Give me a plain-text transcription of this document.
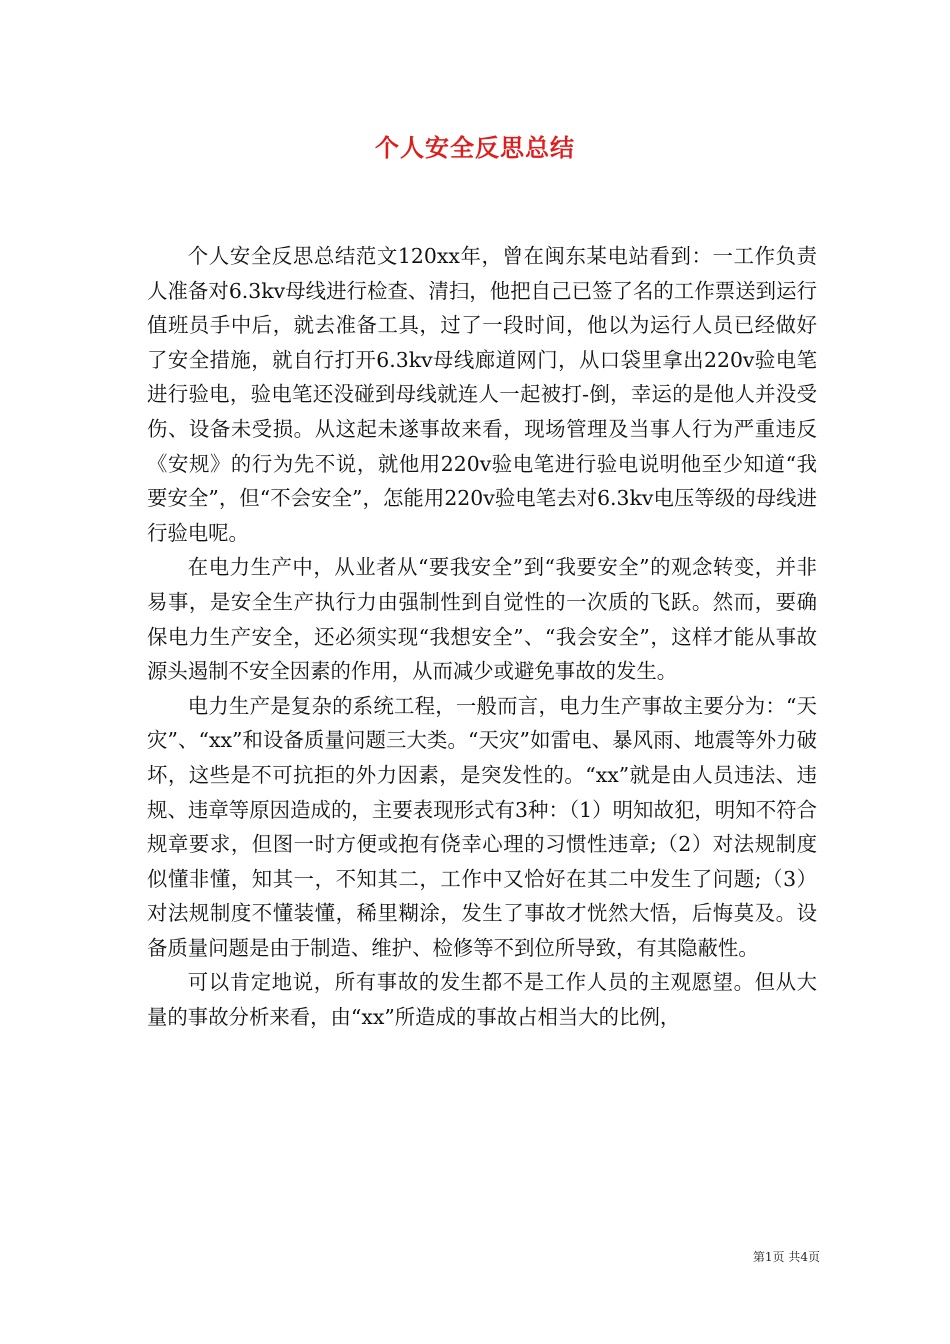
个人安全反思总结

个人安全反思总结范文120xx年，曾在闽东某电站看到：一工作负责人准备对6.3kv母线进行检查、清扫，他把自己已签了名的工作票送到运行值班员手中后，就去准备工具，过了一段时间，他以为运行人员已经做好了安全措施，就自行打开6.3kv母线廊道网门，从口袋里拿出220v验电笔进行验电，验电笔还没碰到母线就连人一起被打-倒，幸运的是他人并没受伤、设备未受损。从这起未遂事故来看，现场管理及当事人行为严重违反《安规》的行为先不说，就他用220v验电笔进行验电说明他至少知道“我要安全”，但“不会安全”，怎能用220v验电笔去对6.3kv电压等级的母线进行验电呢。

在电力生产中，从业者从“要我安全”到“我要安全”的观念转变，并非易事，是安全生产执行力由强制性到自觉性的一次质的飞跃。然而，要确保电力生产安全，还必须实现“我想安全”、“我会安全”，这样才能从事故源头遏制不安全因素的作用，从而减少或避免事故的发生。

电力生产是复杂的系统工程，一般而言，电力生产事故主要分为：“天灾”、“xx”和设备质量问题三大类。“天灾”如雷电、暴风雨、地震等外力破坏，这些是不可抗拒的外力因素，是突发性的。“xx”就是由人员违法、违规、违章等原因造成的，主要表现形式有3种：（1）明知故犯，明知不符合规章要求，但图一时方便或抱有侥幸心理的习惯性违章;（2）对法规制度似懂非懂，知其一，不知其二，工作中又恰好在其二中发生了问题;（3）对法规制度不懂装懂，稀里糊涂，发生了事故才恍然大悟，后悔莫及。设备质量问题是由于制造、维护、检修等不到位所导致，有其隐蔽性。

可以肯定地说，所有事故的发生都不是工作人员的主观愿望。但从大量的事故分析来看，由“xx”所造成的事故占相当大的比例，

第1页 共4页
